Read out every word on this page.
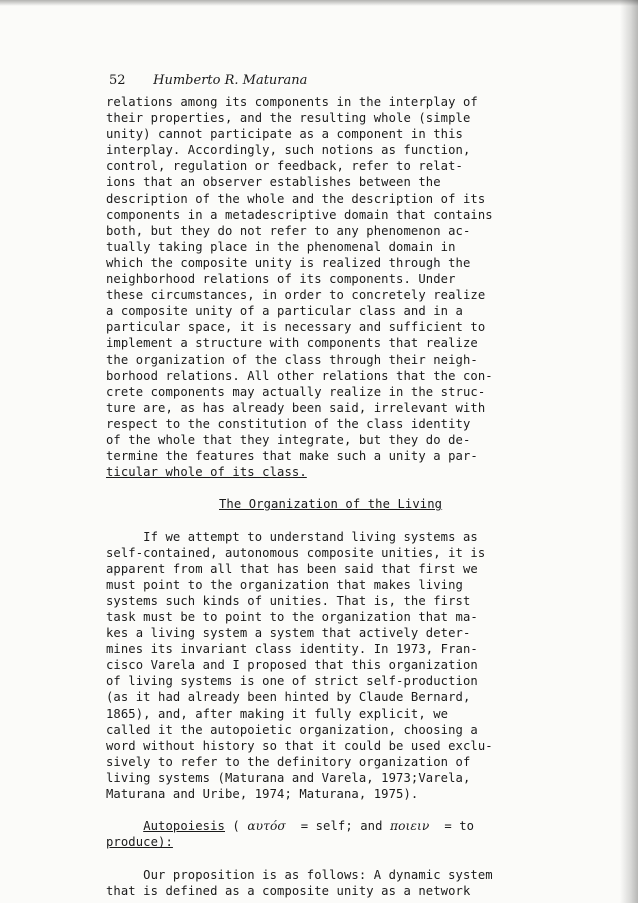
52 Humberto R. Maturana
relations among its components in the interplay of
their properties, and the resulting whole (simple
unity) cannot participate as a component in this
interplay. Accordingly, such notions as function,
control, regulation or feedback, refer to relat-
ions that an observer establishes between the
description of the whole and the description of its
components in a metadescriptive domain that contains
both, but they do not refer to any phenomenon ac-
tually taking place in the phenomenal domain in
which the composite unity is realized through the
neighborhood relations of its components. Under
these circumstances, in order to concretely realize
a composite unity of a particular class and in a
particular space, it is necessary and sufficient to
implement a structure with components that realize
the organization of the class through their neigh-
borhood relations. All other relations that the con-
crete components may actually realize in the struc-
ture are, as has already been said, irrelevant with
respect to the constitution of the class identity
of the whole that they integrate, but they do de-
termine the features that make such a unity a par-
ticular whole of its class.
The Organization of the Living
If we attempt to understand living systems as
self-contained, autonomous composite unities, it is
apparent from all that has been said that first we
must point to the organization that makes living
systems such kinds of unities. That is, the first
task must be to point to the organization that ma-
kes a living system a system that actively deter-
mines its invariant class identity. In 1973, Fran-
cisco Varela and I proposed that this organization
of living systems is one of strict self-production
(as it had already been hinted by Claude Bernard,
1865), and, after making it fully explicit, we
called it the autopoietic organization, choosing a
word without history so that it could be used exclu-
sively to refer to the definitory organization of
living systems (Maturana and Varela, 1973;Varela,
Maturana and Uribe, 1974; Maturana, 1975).
Autopoiesis ( αυτόσ  = self; and ποιειν  = to
produce):
Our proposition is as follows: A dynamic system
that is defined as a composite unity as a network
